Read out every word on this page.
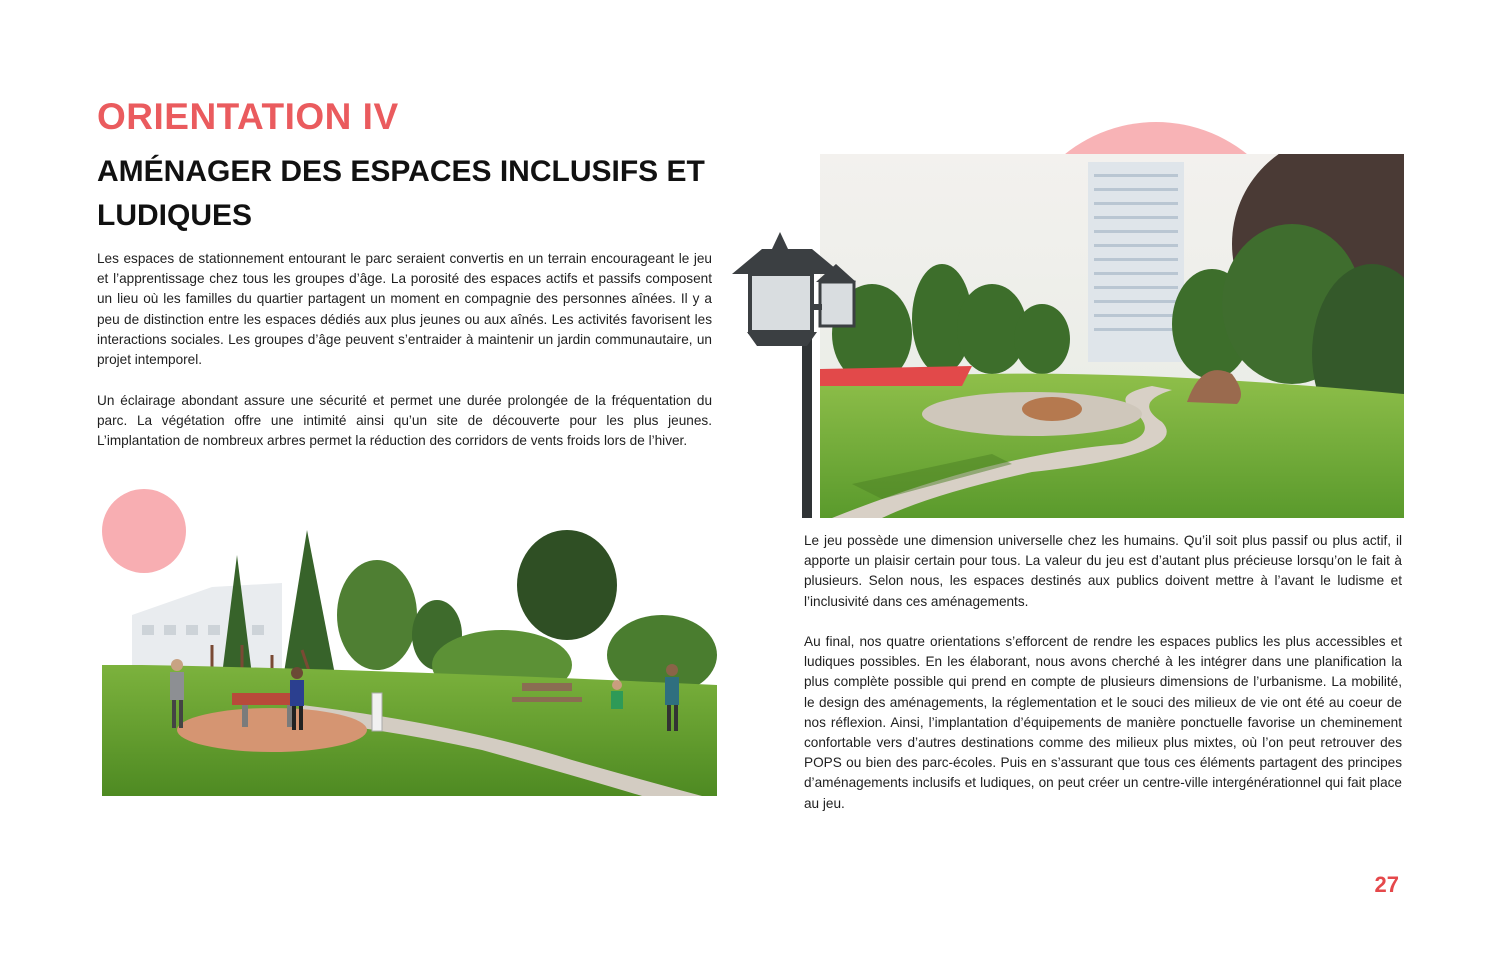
ORIENTATION IV
AMÉNAGER DES ESPACES INCLUSIFS ET LUDIQUES

Les espaces de stationnement entourant le parc seraient convertis en un terrain encourageant le jeu et l’apprentissage chez tous les groupes d’âge. La porosité des espaces actifs et passifs composent un lieu où les familles du quartier partagent un moment en compagnie des personnes aînées. Il y a peu de distinction entre les espaces dédiés aux plus jeunes ou aux aînés. Les activités favorisent les interactions sociales. Les groupes d’âge peuvent s’entraider à maintenir un jardin communautaire, un projet intemporel.

Un éclairage abondant assure une sécurité et permet une durée prolongée de la fréquentation du parc. La végétation offre une intimité ainsi qu’un site de découverte pour les plus jeunes. L’implantation de nombreux arbres permet la réduction des corridors de vents froids lors de l’hiver.

Le jeu possède une dimension universelle chez les humains. Qu’il soit plus passif ou plus actif, il apporte un plaisir certain pour tous. La valeur du jeu est d’autant plus précieuse lorsqu’on le fait à plusieurs. Selon nous, les espaces destinés aux publics doivent mettre à l’avant le ludisme et l’inclusivité dans ces aménagements.

Au final, nos quatre orientations s’efforcent de rendre les espaces publics les plus accessibles et ludiques possibles. En les élaborant, nous avons cherché à les intégrer dans une planification la plus complète possible qui prend en compte de plusieurs dimensions de l’urbanisme. La mobilité, le design des aménagements, la réglementation et le souci des milieux de vie ont été au coeur de nos réflexion. Ainsi, l’implantation d’équipements de manière ponctuelle favorise un cheminement confortable vers d’autres destinations comme des milieux plus mixtes, où l’on peut retrouver des POPS ou bien des parc-écoles. Puis en s’assurant que tous ces éléments partagent des principes d’aménagements inclusifs et ludiques, on peut créer un centre-ville intergénérationnel qui fait place au jeu.

27
